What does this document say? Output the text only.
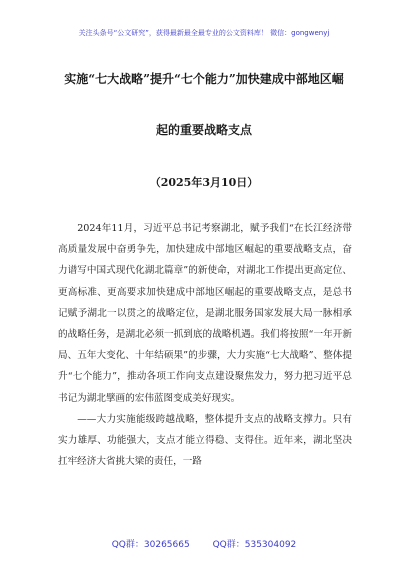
关注头条号“公文研究”，获得最新最全最专业的公文资料库！ 微信：gongwenyj
实施“七大战略”提升“七个能力”加快建成中部地区崛
起的重要战略支点
（2025年3月10日）

2024年11月，习近平总书记考察湖北，赋予我们“在长江经济带高质量发展中奋勇争先，加快建成中部地区崛起的重要战略支点，奋力谱写中国式现代化湖北篇章”的新使命，对湖北工作提出更高定位、更高标准、更高要求加快建成中部地区崛起的重要战略支点，是总书记赋予湖北一以贯之的战略定位，是湖北服务国家发展大局一脉相承的战略任务，是湖北必须一抓到底的战略机遇。我们将按照“一年开新局、五年大变化、十年结硕果”的步骤，大力实施“七大战略”、整体提升“七个能力”，推动各项工作向支点建设聚焦发力，努力把习近平总书记为湖北擘画的宏伟蓝图变成美好现实。

——大力实施能级跨越战略，整体提升支点的战略支撑力。只有实力雄厚、功能强大，支点才能立得稳、支得住。近年来，湖北坚决扛牢经济大省挑大梁的责任，一路

QQ群：30265665	QQ群：535304092
